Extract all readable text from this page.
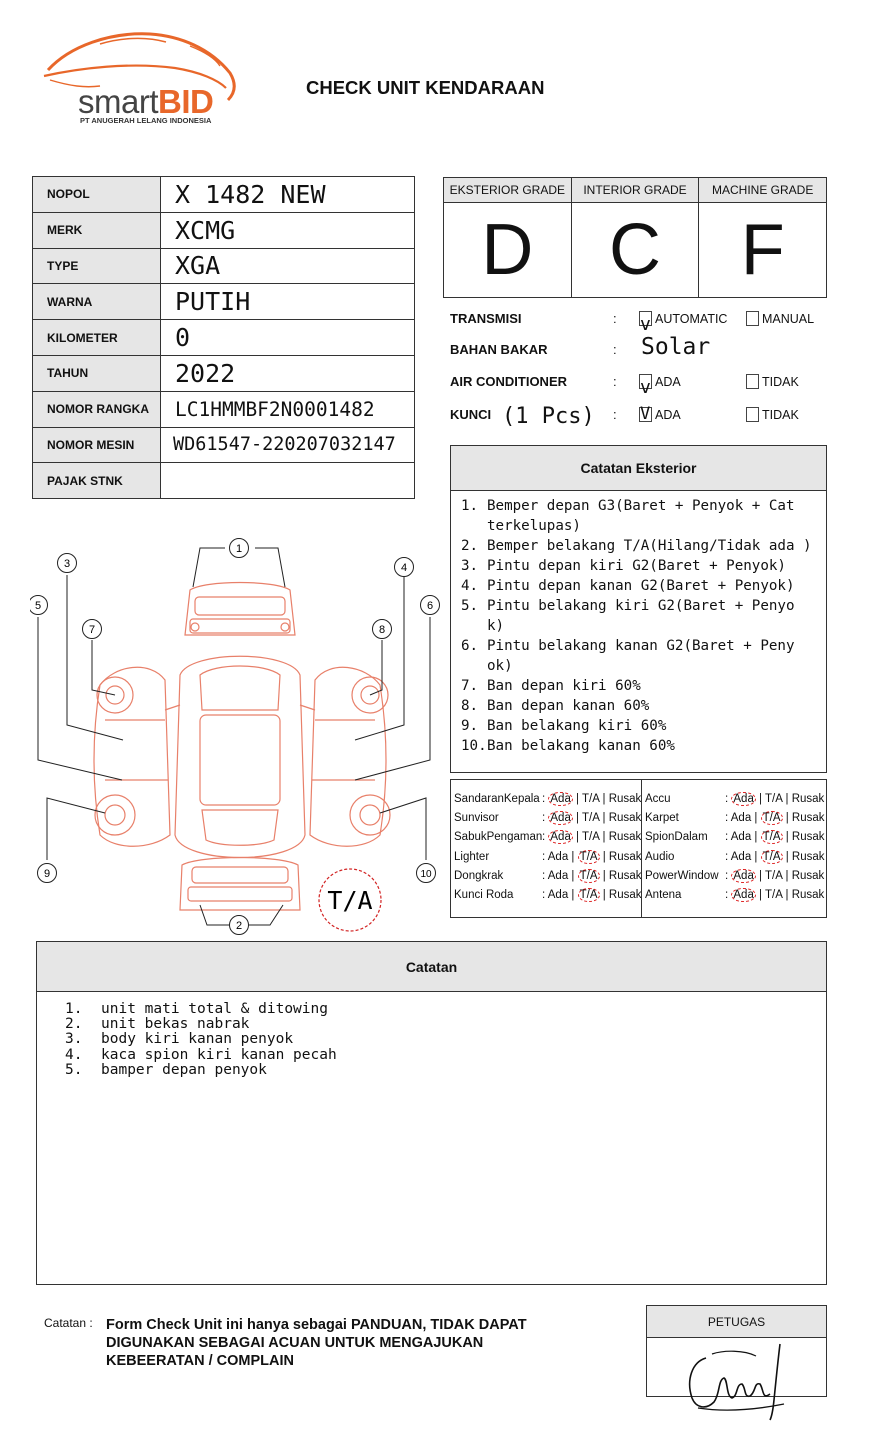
smartBID
PT ANUGERAH LELANG INDONESIA
CHECK UNIT KENDARAAN
NOPOL	X 1482 NEW
MERK	XCMG
TYPE	XGA
WARNA	PUTIH
KILOMETER	0
TAHUN	2022
NOMOR RANGKA	LC1HMMBF2N0001482
NOMOR MESIN	WD61547-220207032147
PAJAK STNK	
EKSTERIOR GRADE
D
INTERIOR GRADE
C
MACHINE GRADE
F
TRANSMISI	: v AUTOMATIC	MANUAL
BAHAN BAKAR	: Solar
AIR CONDITIONER	: v ADA	TIDAK
KUNCI (1 Pcs) : V ADA	TIDAK
Catatan Eksterior
1. Bemper depan G3(Baret + Penyok + Cat terkelupas)
2. Bemper belakang T/A(Hilang/Tidak ada )
3. Pintu depan kiri G2(Baret + Penyok)
4. Pintu depan kanan G2(Baret + Penyok)
5. Pintu belakang kiri G2(Baret + Penyo k)
6. Pintu belakang kanan G2(Baret + Peny ok)
7. Ban depan kiri 60%
8. Ban depan kanan 60%
9. Ban belakang kiri 60%
10. Ban belakang kanan 60%
SandaranKepala : Ada | T/A | Rusak
Sunvisor	: Ada | T/A | Rusak
SabukPengaman: Ada | T/A | Rusak
Lighter	: Ada | T/A | Rusak
Dongkrak	: Ada | T/A | Rusak
Kunci Roda : Ada | T/A | Rusak
Accu	: Ada | T/A | Rusak
Karpet	: Ada | T/A | Rusak
SpionDalam : Ada | T/A | Rusak
Audio	: Ada | T/A | Rusak
PowerWindow : Ada | T/A | Rusak
Antena	: Ada | T/A | Rusak
1
2
3	4
5	6
7	8
9	10
T/A
Catatan
1.	unit mati total & ditowing
2.	unit bekas nabrak
3.	body kiri kanan penyok
4.	kaca spion kiri kanan pecah
5.	bamper depan penyok
Catatan : Form Check Unit ini hanya sebagai PANDUAN, TIDAK DAPAT DIGUNAKAN SEBAGAI ACUAN UNTUK MENGAJUKAN KEBEERATAN / COMPLAIN
PETUGAS
